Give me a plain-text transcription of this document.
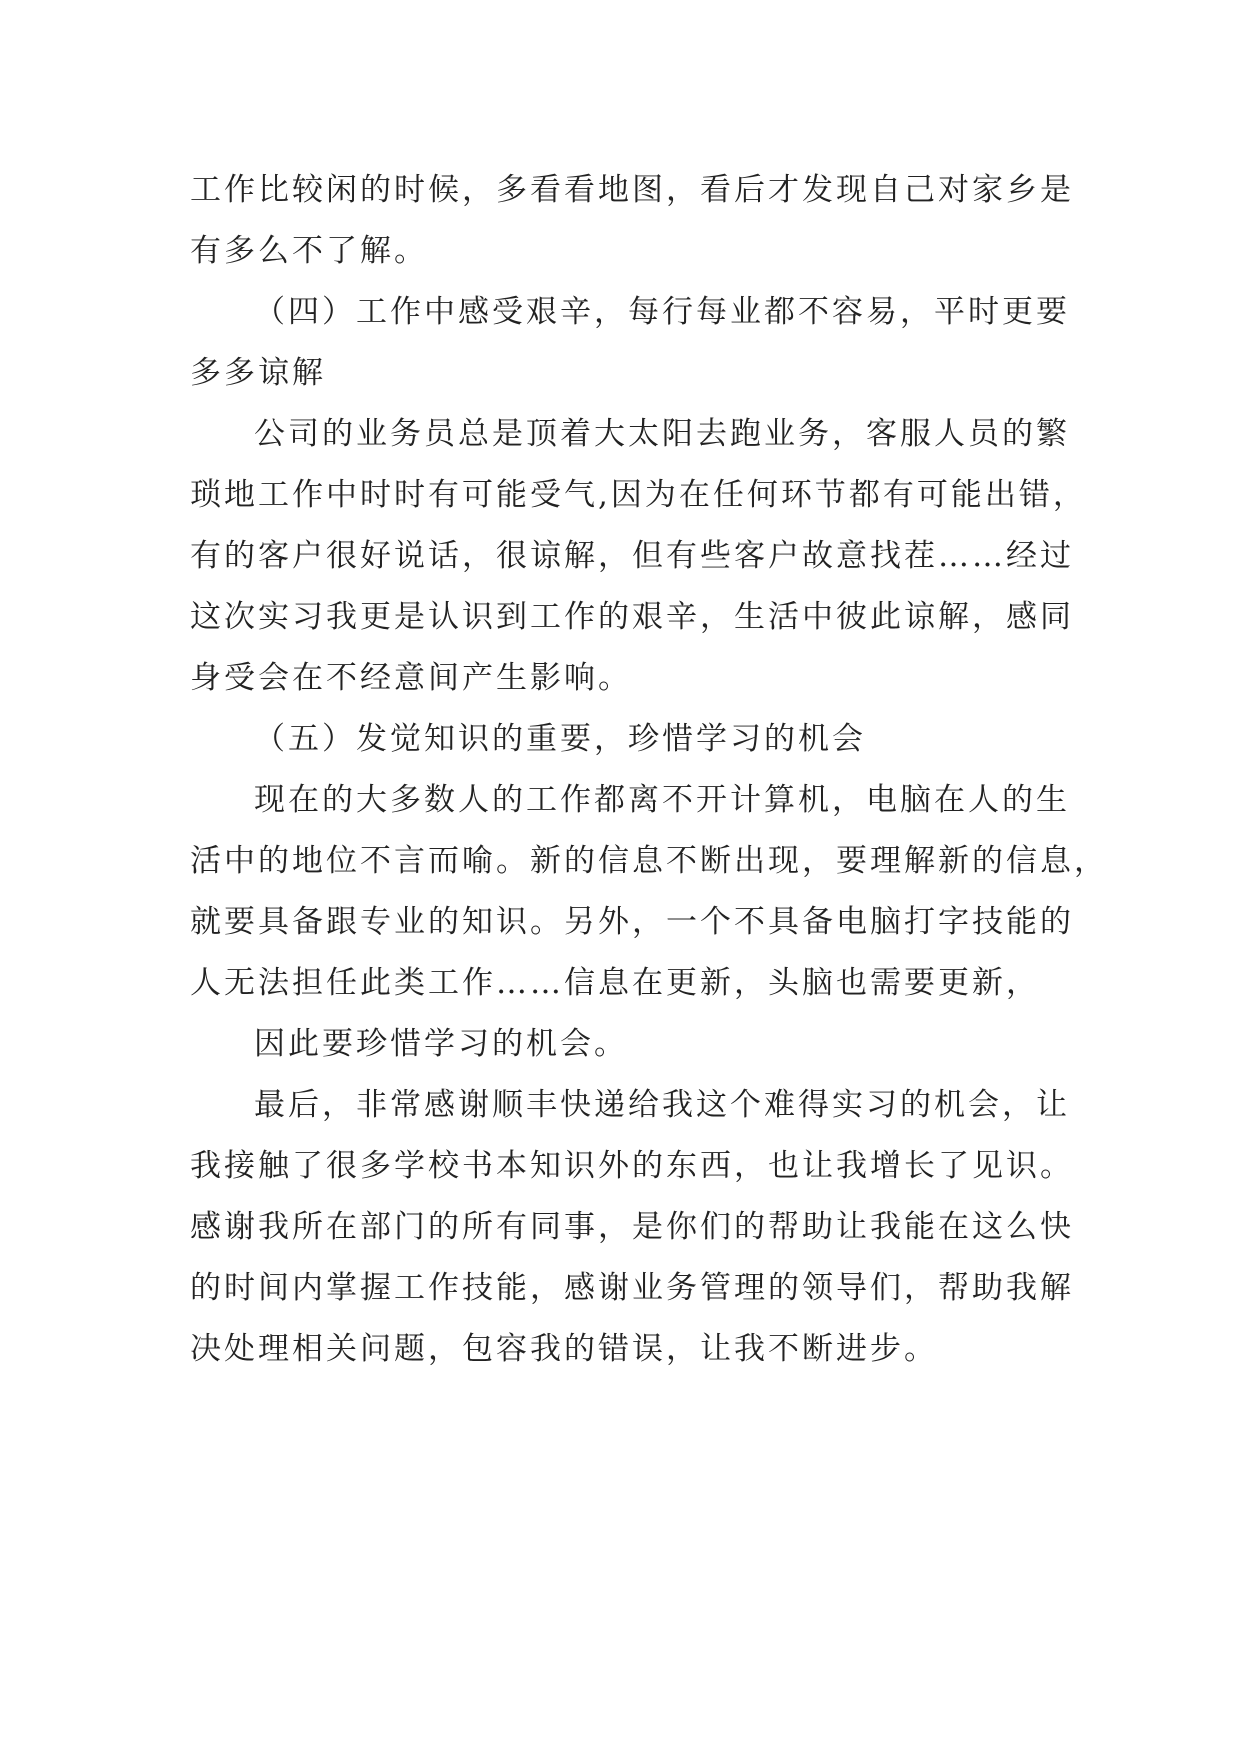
工作比较闲的时候，多看看地图，看后才发现自己对家乡是
有多么不了解。
（四）工作中感受艰辛，每行每业都不容易，平时更要
多多谅解
公司的业务员总是顶着大太阳去跑业务，客服人员的繁
琐地工作中时时有可能受气,因为在任何环节都有可能出错，
有的客户很好说话，很谅解，但有些客户故意找茬……经过
这次实习我更是认识到工作的艰辛，生活中彼此谅解，感同
身受会在不经意间产生影响。
（五）发觉知识的重要，珍惜学习的机会
现在的大多数人的工作都离不开计算机，电脑在人的生
活中的地位不言而喻。新的信息不断出现，要理解新的信息，
就要具备跟专业的知识。另外，一个不具备电脑打字技能的
人无法担任此类工作……信息在更新，头脑也需要更新，
因此要珍惜学习的机会。
最后，非常感谢顺丰快递给我这个难得实习的机会，让
我接触了很多学校书本知识外的东西，也让我增长了见识。
感谢我所在部门的所有同事，是你们的帮助让我能在这么快
的时间内掌握工作技能，感谢业务管理的领导们，帮助我解
决处理相关问题，包容我的错误，让我不断进步。
